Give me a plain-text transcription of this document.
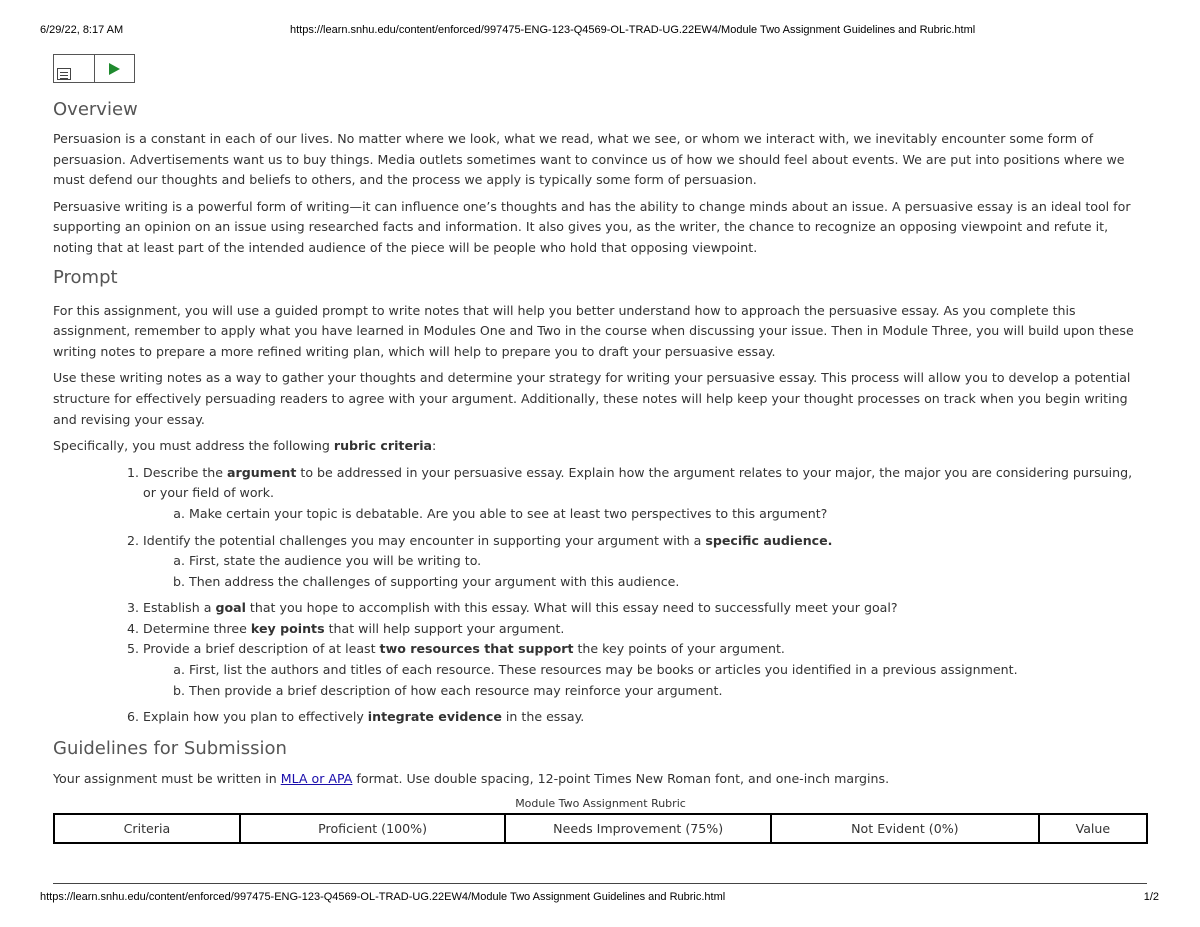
6/29/22, 8:17 AM	https://learn.snhu.edu/content/enforced/997475-ENG-123-Q4569-OL-TRAD-UG.22EW4/Module Two Assignment Guidelines and Rubric.html
Overview

Persuasion is a constant in each of our lives. No matter where we look, what we read, what we see, or whom we interact with, we inevitably encounter some form of persuasion. Advertisements want us to buy things. Media outlets sometimes want to convince us of how we should feel about events. We are put into positions where we must defend our thoughts and beliefs to others, and the process we apply is typically some form of persuasion.

Persuasive writing is a powerful form of writing—it can influence one’s thoughts and has the ability to change minds about an issue. A persuasive essay is an ideal tool for supporting an opinion on an issue using researched facts and information. It also gives you, as the writer, the chance to recognize an opposing viewpoint and refute it, noting that at least part of the intended audience of the piece will be people who hold that opposing viewpoint.

Prompt

For this assignment, you will use a guided prompt to write notes that will help you better understand how to approach the persuasive essay. As you complete this assignment, remember to apply what you have learned in Modules One and Two in the course when discussing your issue. Then in Module Three, you will build upon these writing notes to prepare a more refined writing plan, which will help to prepare you to draft your persuasive essay.

Use these writing notes as a way to gather your thoughts and determine your strategy for writing your persuasive essay. This process will allow you to develop a potential structure for effectively persuading readers to agree with your argument. Additionally, these notes will help keep your thought processes on track when you begin writing and revising your essay.

Specifically, you must address the following rubric criteria:

1. Describe the argument to be addressed in your persuasive essay. Explain how the argument relates to your major, the major you are considering pursuing, or your field of work.
a. Make certain your topic is debatable. Are you able to see at least two perspectives to this argument?
2. Identify the potential challenges you may encounter in supporting your argument with a specific audience.
a. First, state the audience you will be writing to.
b. Then address the challenges of supporting your argument with this audience.
3. Establish a goal that you hope to accomplish with this essay. What will this essay need to successfully meet your goal?
4. Determine three key points that will help support your argument.
5. Provide a brief description of at least two resources that support the key points of your argument.
a. First, list the authors and titles of each resource. These resources may be books or articles you identified in a previous assignment.
b. Then provide a brief description of how each resource may reinforce your argument.
6. Explain how you plan to effectively integrate evidence in the essay.
Guidelines for Submission

Your assignment must be written in MLA or APA format. Use double spacing, 12-point Times New Roman font, and one-inch margins.

Module Two Assignment Rubric
Criteria	Proficient (100%)	Needs Improvement (75%)	Not Evident (0%)	Value
https://learn.snhu.edu/content/enforced/997475-ENG-123-Q4569-OL-TRAD-UG.22EW4/Module Two Assignment Guidelines and Rubric.html	1/2
